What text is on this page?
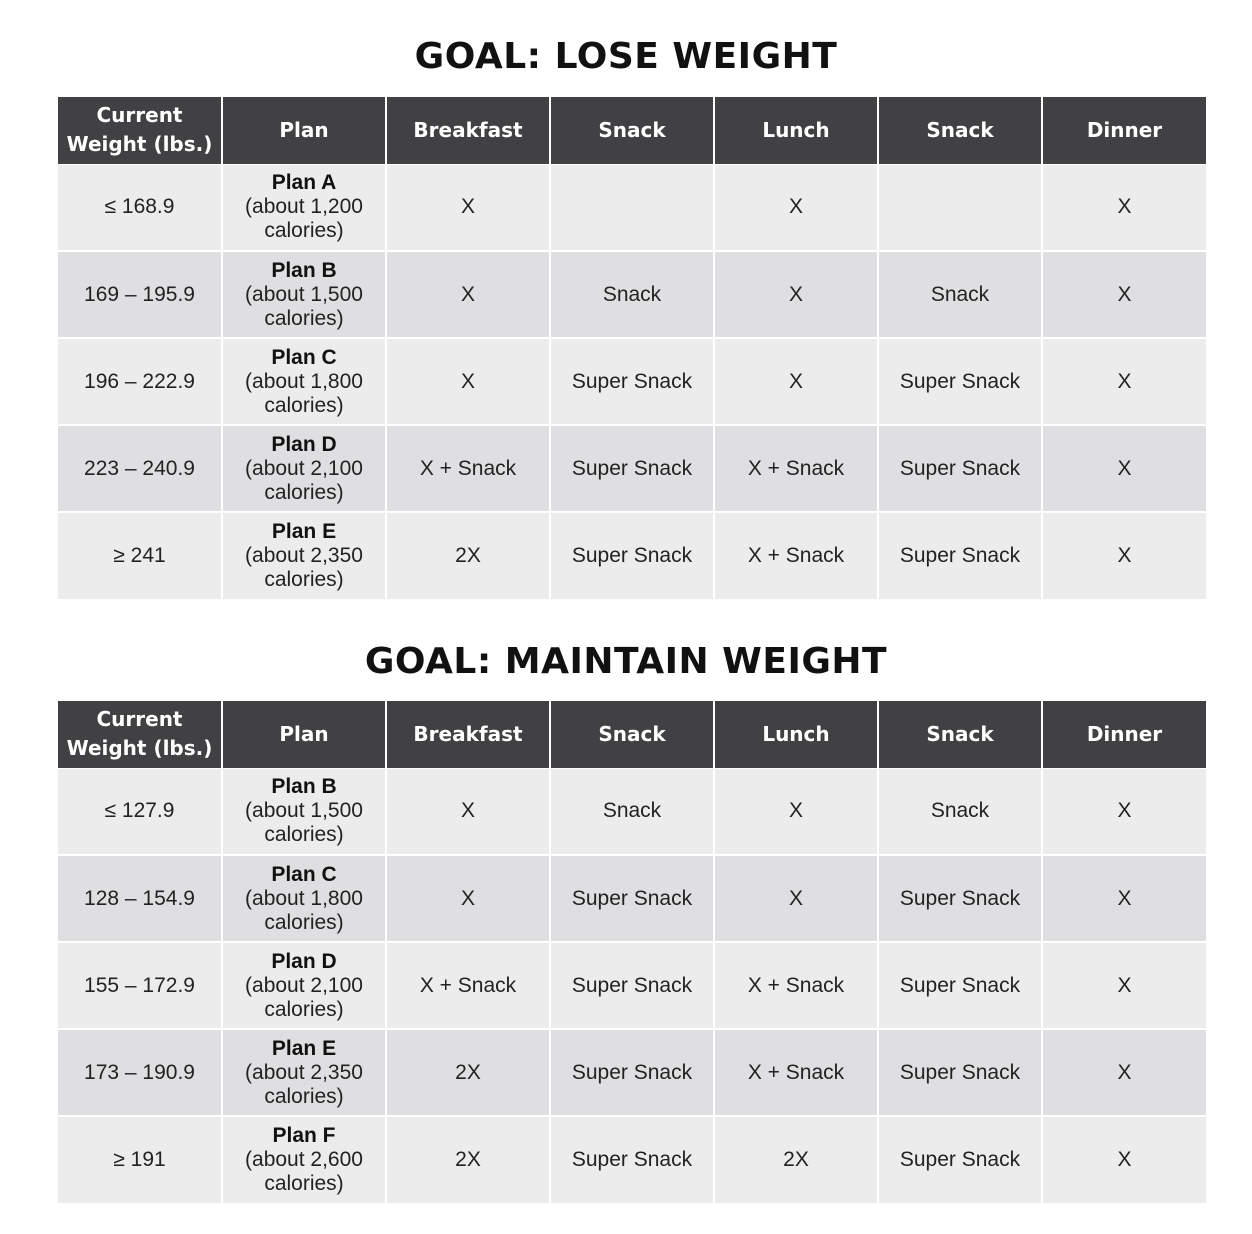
GOAL: LOSE WEIGHT
Current
Weight (lbs.)	Plan	Breakfast	Snack	Lunch	Snack	Dinner
≤ 168.9	Plan A
(about 1,200
calories)	X		X		X
169 – 195.9	Plan B
(about 1,500
calories)	X	Snack	X	Snack	X
196 – 222.9	Plan C
(about 1,800
calories)	X	Super Snack	X	Super Snack	X
223 – 240.9	Plan D
(about 2,100
calories)	X + Snack	Super Snack	X + Snack	Super Snack	X
≥ 241	Plan E
(about 2,350
calories)	2X	Super Snack	X + Snack	Super Snack	X
GOAL: MAINTAIN WEIGHT
Current
Weight (lbs.)	Plan	Breakfast	Snack	Lunch	Snack	Dinner
≤ 127.9	Plan B
(about 1,500
calories)	X	Snack	X	Snack	X
128 – 154.9	Plan C
(about 1,800
calories)	X	Super Snack	X	Super Snack	X
155 – 172.9	Plan D
(about 2,100
calories)	X + Snack	Super Snack	X + Snack	Super Snack	X
173 – 190.9	Plan E
(about 2,350
calories)	2X	Super Snack	X + Snack	Super Snack	X
≥ 191	Plan F
(about 2,600
calories)	2X	Super Snack	2X	Super Snack	X
